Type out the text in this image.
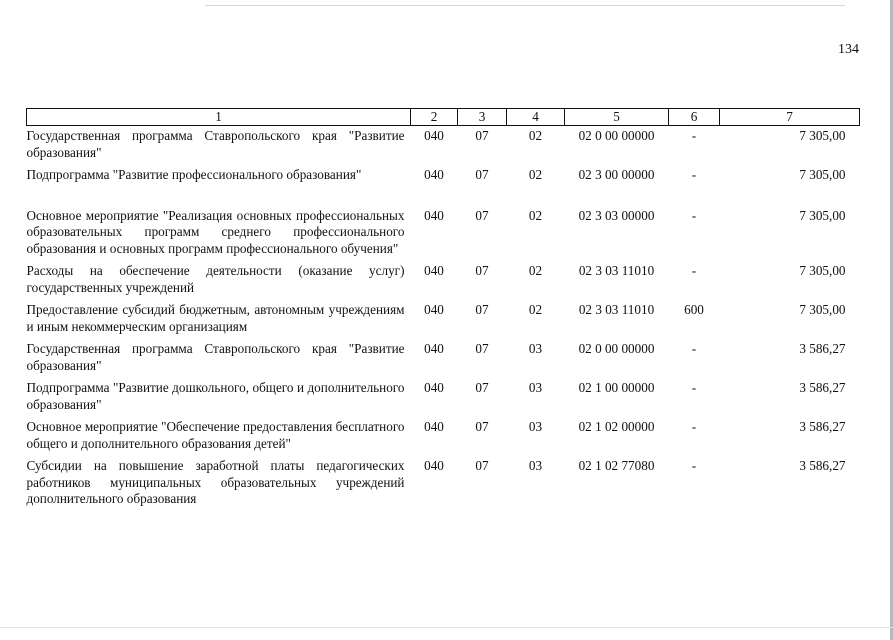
134
1	2	3	4	5	6	7
Государственная программа Ставропольского края "Развитие образования"	040	07	02	02 0 00 00000	-	7 305,00
Подпрограмма "Развитие профессионального образования"	040	07	02	02 3 00 00000	-	7 305,00
Основное мероприятие "Реализация основных профессиональных образовательных программ среднего профессионального образования и основных программ профессионального обучения"	040	07	02	02 3 03 00000	-	7 305,00
Расходы на обеспечение деятельности (оказание услуг) государственных учреждений	040	07	02	02 3 03 11010	-	7 305,00
Предоставление субсидий бюджетным, автономным учреждениям и иным некоммерческим организациям	040	07	02	02 3 03 11010	600	7 305,00
Государственная программа Ставропольского края "Развитие образования"	040	07	03	02 0 00 00000	-	3 586,27
Подпрограмма "Развитие дошкольного, общего и дополнительного образования"	040	07	03	02 1 00 00000	-	3 586,27
Основное мероприятие "Обеспечение предоставления бесплатного общего и дополнительного образования детей"	040	07	03	02 1 02 00000	-	3 586,27
Субсидии на повышение заработной платы педагогических работников муниципальных образовательных учреждений дополнительного образования	040	07	03	02 1 02 77080	-	3 586,27
